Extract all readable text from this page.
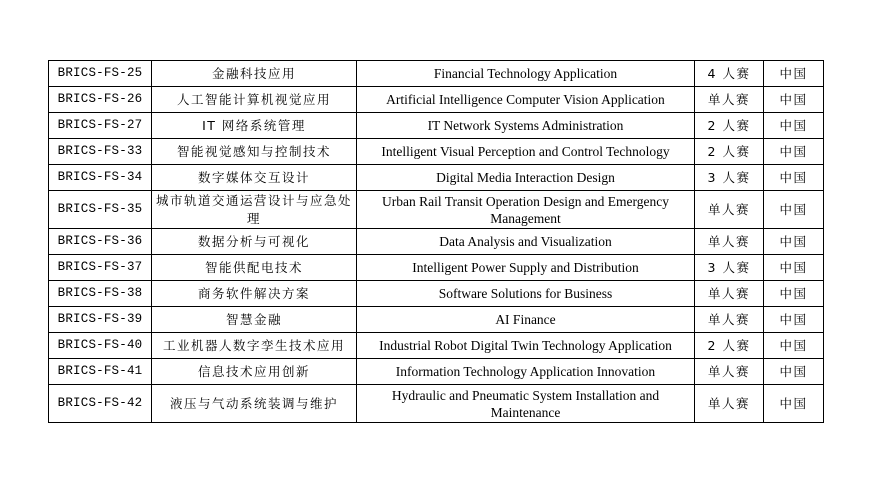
BRICS-FS-25	金融科技应用	Financial Technology Application	4 人赛	中国
BRICS-FS-26	人工智能计算机视觉应用	Artificial Intelligence Computer Vision Application	单人赛	中国
BRICS-FS-27	IT 网络系统管理	IT Network Systems Administration	2 人赛	中国
BRICS-FS-33	智能视觉感知与控制技术	Intelligent Visual Perception and Control Technology	2 人赛	中国
BRICS-FS-34	数字媒体交互设计	Digital Media Interaction Design	3 人赛	中国
BRICS-FS-35	城市轨道交通运营设计与应急处理	Urban Rail Transit Operation Design and Emergency Management	单人赛	中国
BRICS-FS-36	数据分析与可视化	Data Analysis and Visualization	单人赛	中国
BRICS-FS-37	智能供配电技术	Intelligent Power Supply and Distribution	3 人赛	中国
BRICS-FS-38	商务软件解决方案	Software Solutions for Business	单人赛	中国
BRICS-FS-39	智慧金融	AI Finance	单人赛	中国
BRICS-FS-40	工业机器人数字孪生技术应用	Industrial Robot Digital Twin Technology Application	2 人赛	中国
BRICS-FS-41	信息技术应用创新	Information Technology Application Innovation	单人赛	中国
BRICS-FS-42	液压与气动系统装调与维护	Hydraulic and Pneumatic System Installation and Maintenance	单人赛	中国
